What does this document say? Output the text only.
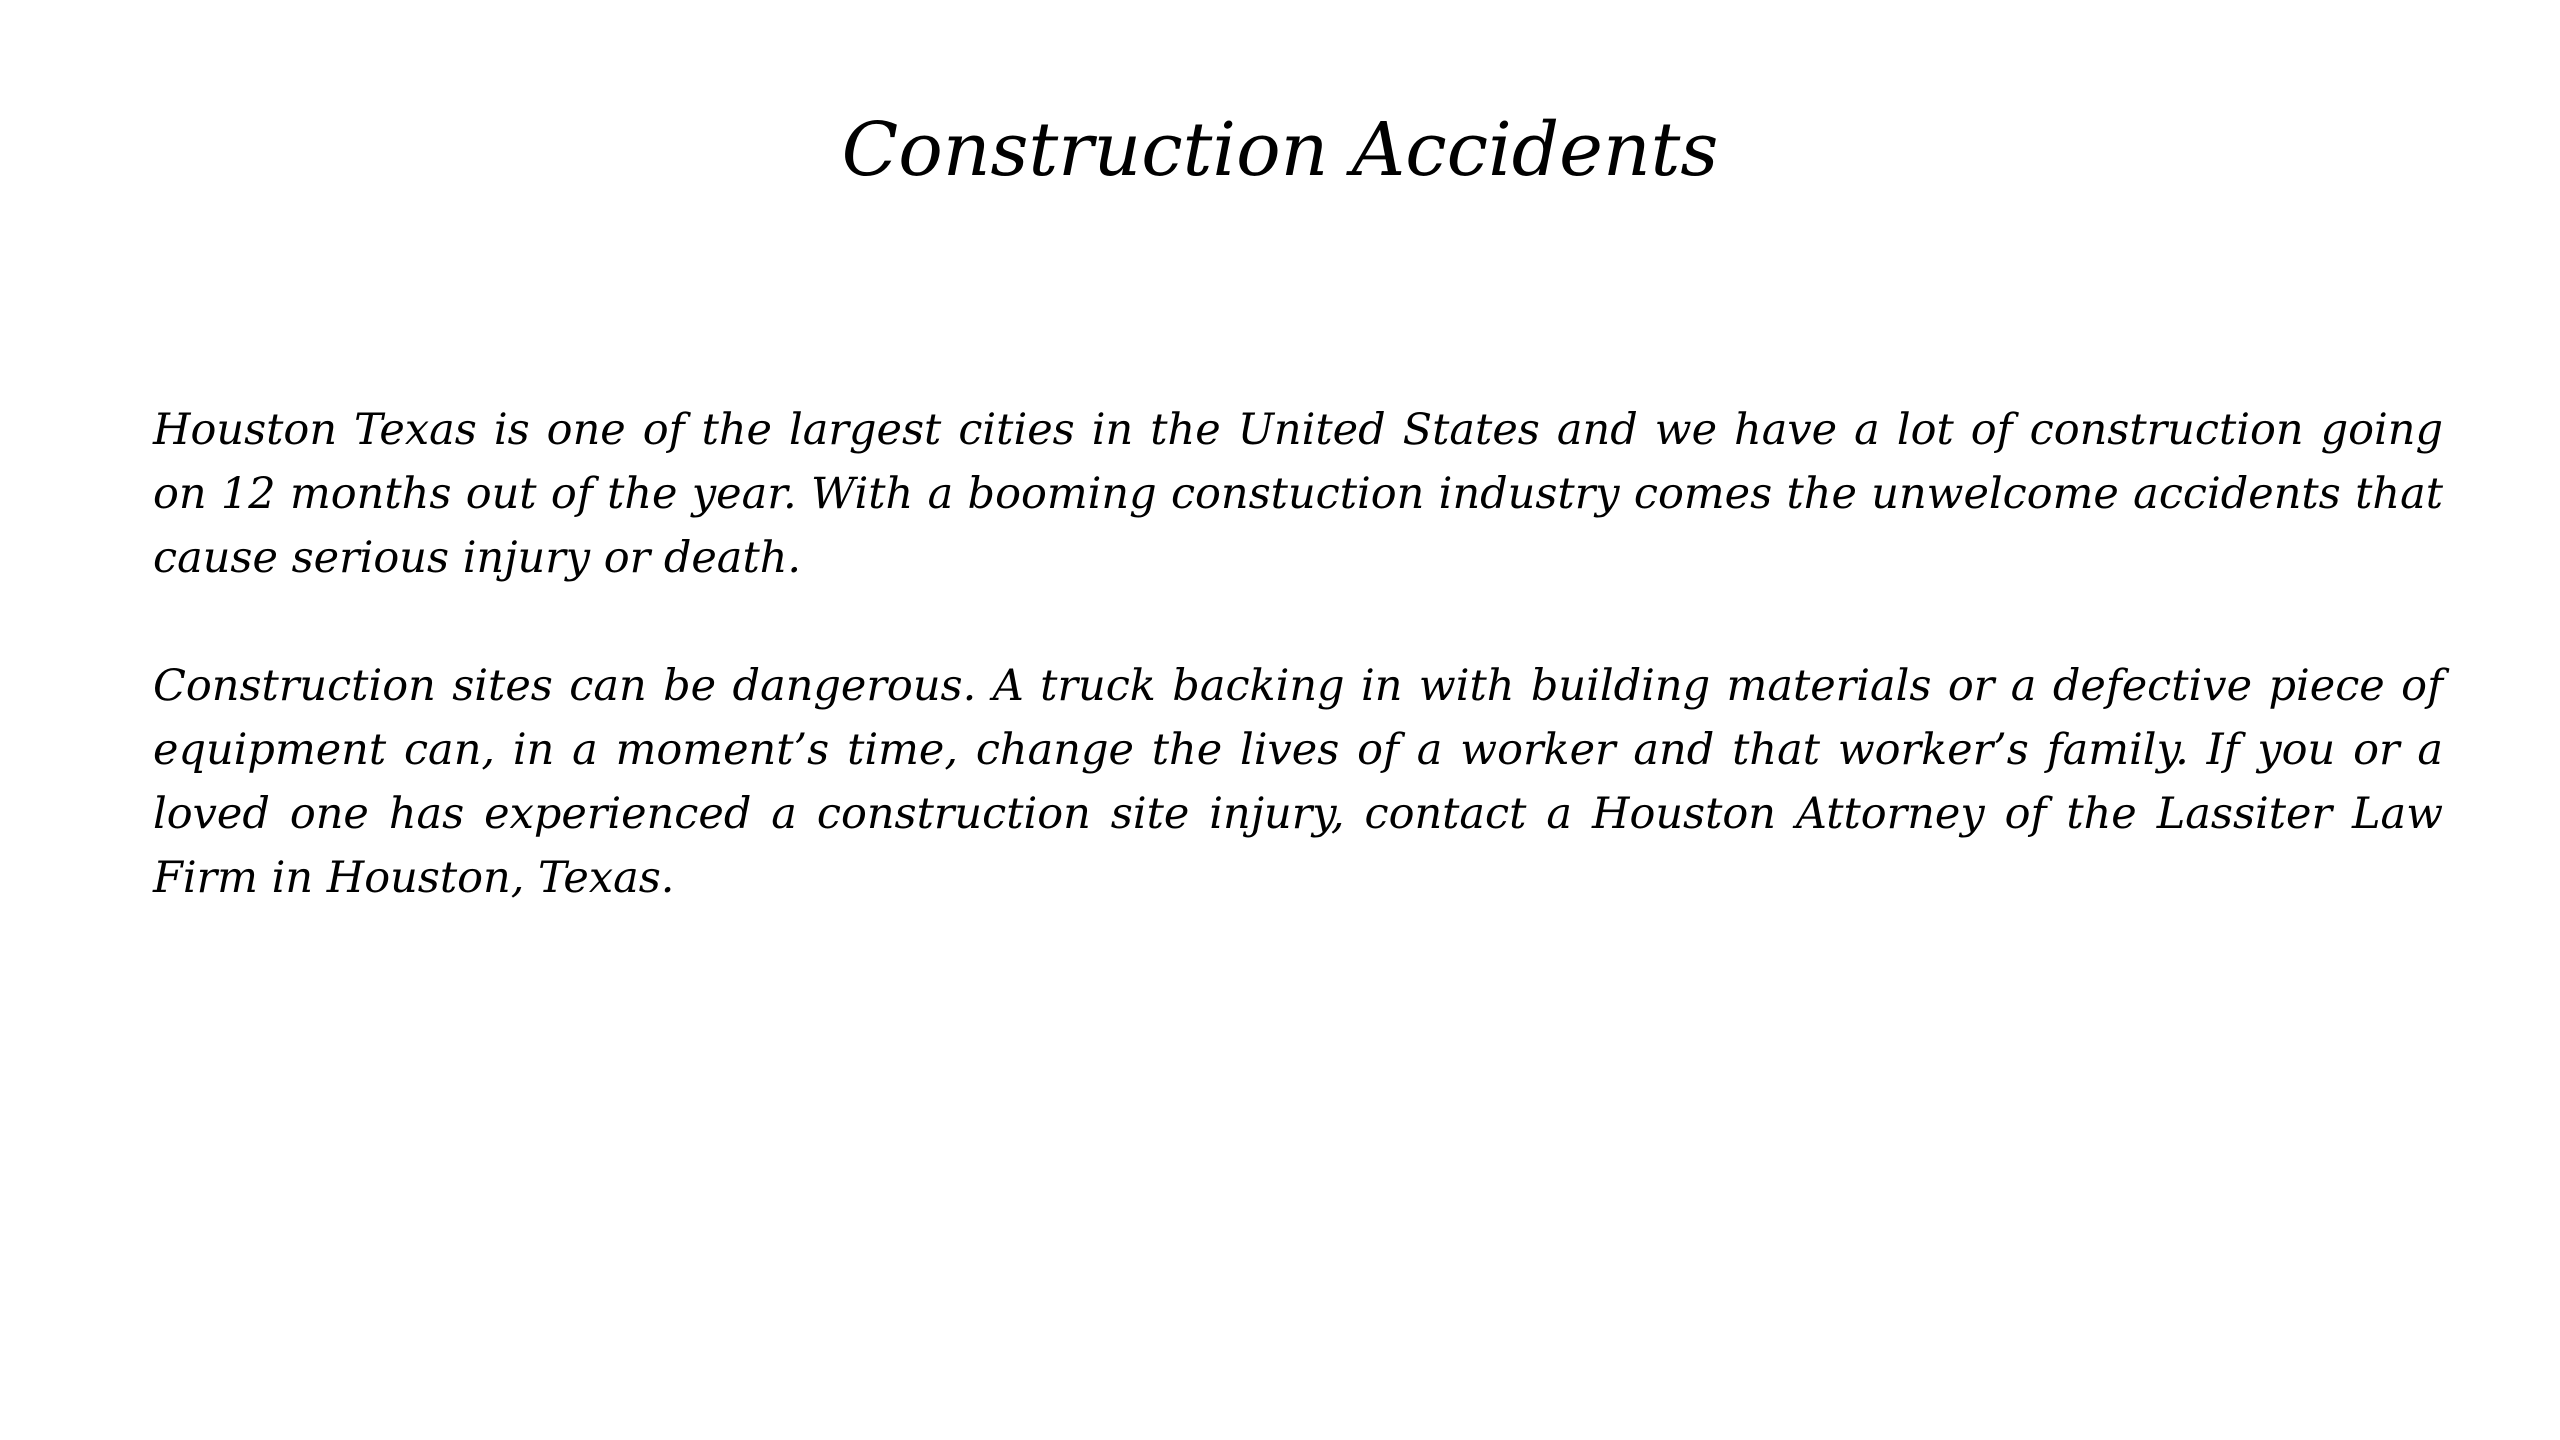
Construction Accidents

Houston Texas is one of the largest cities in the United States and we have a lot of construction going on 12 months out of the year. With a booming constuction industry comes the unwelcome accidents that cause serious injury or death.

Construction sites can be dangerous. A truck backing in with building materials or a defective piece of equipment can, in a moment’s time, change the lives of a worker and that worker’s family. If you or a loved one has experienced a construction site injury, contact a Houston Attorney of the Lassiter Law Firm in Houston, Texas.
